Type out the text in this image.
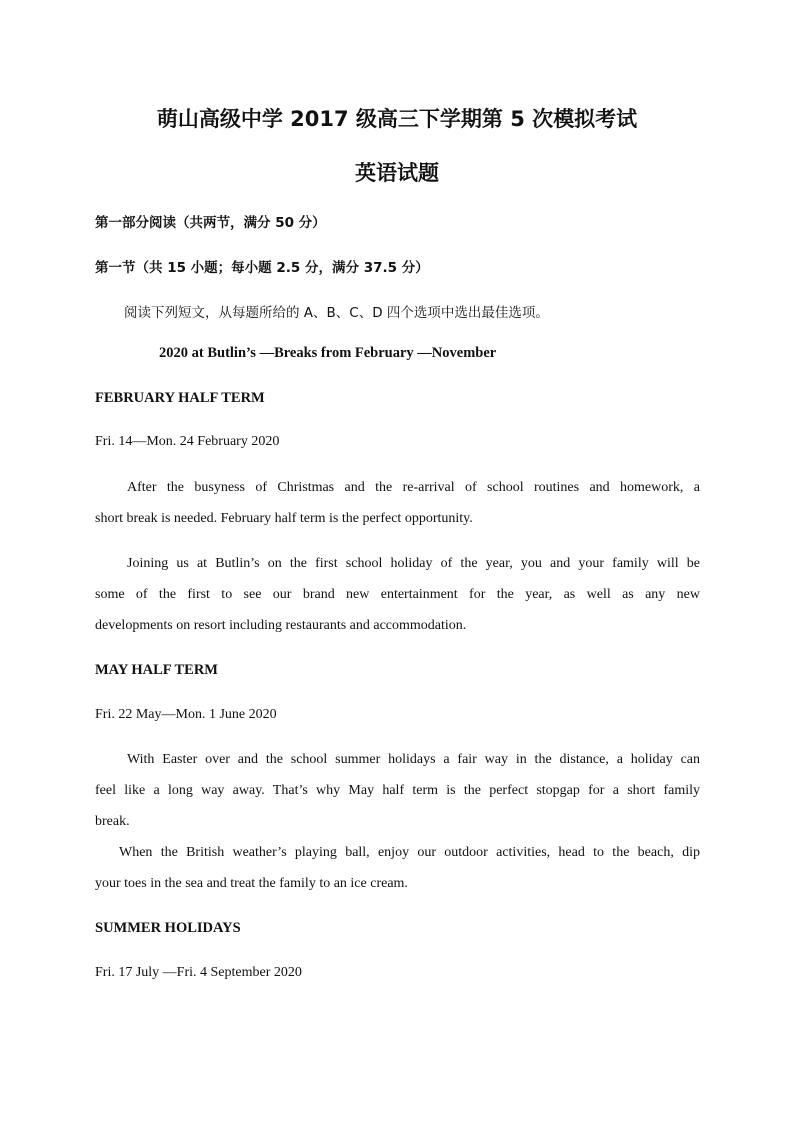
萌山高级中学 2017 级高三下学期第 5 次模拟考试
英语试题
第一部分阅读（共两节，满分 50 分）
第一节（共 15 小题；每小题 2.5 分，满分 37.5 分）
阅读下列短文，从每题所给的 A、B、C、D 四个选项中选出最佳选项。
2020 at Butlin’s —Breaks from February —November
FEBRUARY HALF TERM
Fri. 14—Mon. 24 February 2020
After the busyness of Christmas and the re-arrival of school routines and homework, a
short break is needed. February half term is the perfect opportunity.
Joining us at Butlin’s on the first school holiday of the year, you and your family will be
some of the first to see our brand new entertainment for the year, as well as any new
developments on resort including restaurants and accommodation.
MAY HALF TERM
Fri. 22 May—Mon. 1 June 2020
With Easter over and the school summer holidays a fair way in the distance, a holiday can
feel like a long way away. That’s why May half term is the perfect stopgap for a short family
break.
When the British weather’s playing ball, enjoy our outdoor activities, head to the beach, dip
your toes in the sea and treat the family to an ice cream.
SUMMER HOLIDAYS
Fri. 17 July —Fri. 4 September 2020
